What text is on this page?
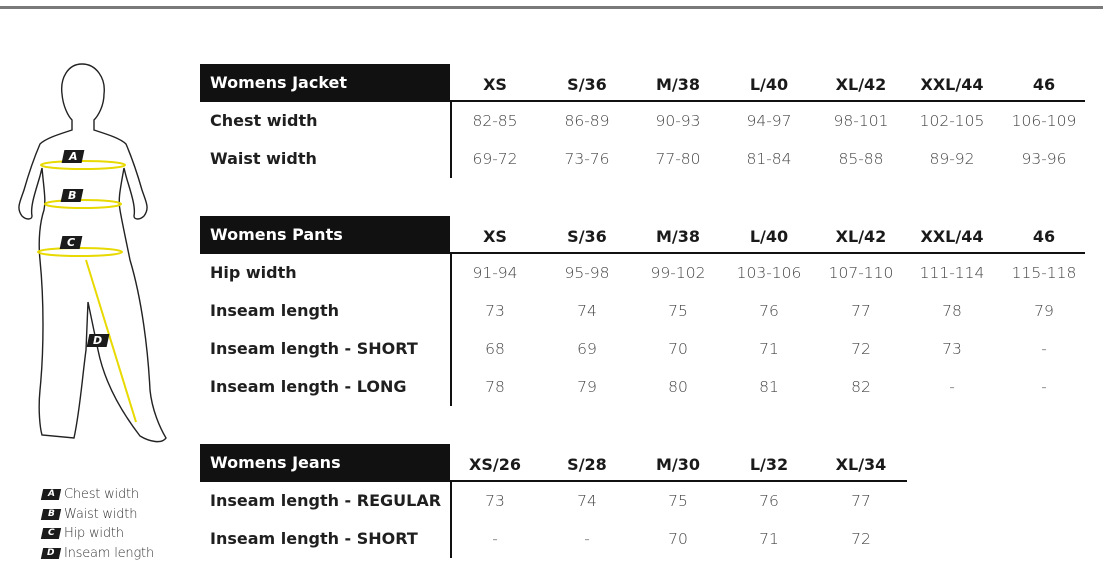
A
B
C
D
A Chest width
B Waist width
C Hip width
D Inseam length
Womens Jacket	XS	S/36	M/38	L/40	XL/42	XXL/44	46
Chest width	82-85	86-89	90-93	94-97	98-101	102-105	106-109
Waist width	69-72	73-76	77-80	81-84	85-88	89-92	93-96
Womens Pants	XS	S/36	M/38	L/40	XL/42	XXL/44	46
Hip width	91-94	95-98	99-102	103-106	107-110	111-114	115-118
Inseam length	73	74	75	76	77	78	79
Inseam length - SHORT	68	69	70	71	72	73	-
Inseam length - LONG	78	79	80	81	82	-	-
Womens Jeans	XS/26	S/28	M/30	L/32	XL/34
Inseam length - REGULAR	73	74	75	76	77
Inseam length - SHORT	-	-	70	71	72
